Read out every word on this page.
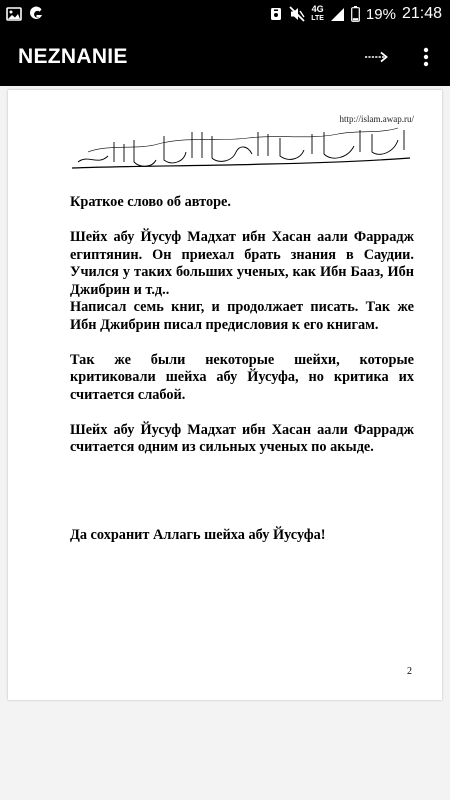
4G
LTE	19% 21:48
NEZNANIE
http://islam.awap.ru/

Краткое слово об авторе.

Шейх абу Йусуф Мадхат ибн Хасан аали Фаррадж египтянин. Он приехал брать знания в Саудии. Учился у таких больших ученых, как Ибн Бааз, Ибн Джибрин и т.д..

Написал семь книг, и продолжает писать. Так же Ибн Джибрин писал предисловия к его книгам.

Так же были некоторые шейхи, которые критиковали шейха абу Йусуфа, но критика их считается слабой.

Шейх абу Йусуф Мадхат ибн Хасан аали Фаррадж считается одним из сильных ученых по акыде.

Да сохранит Аллагь шейха абу Йусуфа!

2
